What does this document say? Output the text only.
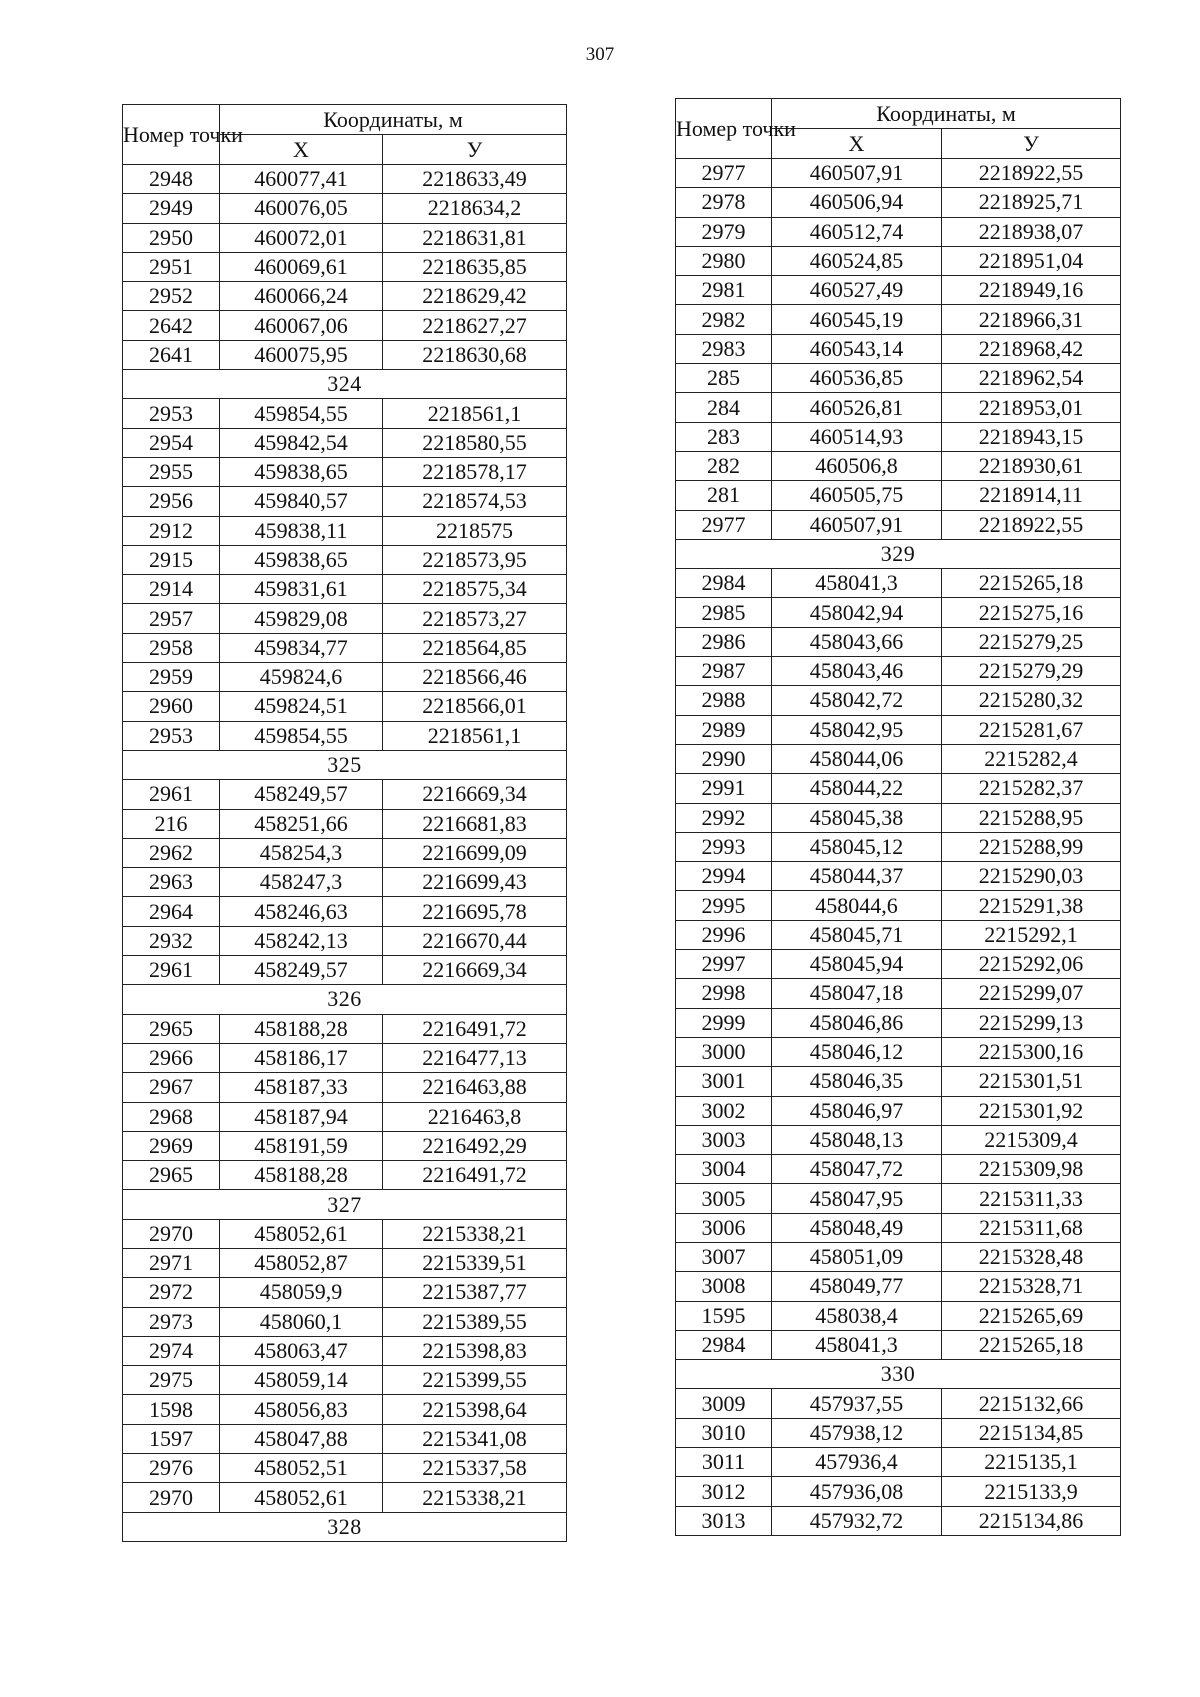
307
Номер точки	Координаты, м	
	Х	У
2948	460077,41	2218633,49
2949	460076,05	2218634,2
2950	460072,01	2218631,81
2951	460069,61	2218635,85
2952	460066,24	2218629,42
2642	460067,06	2218627,27
2641	460075,95	2218630,68
324		
2953	459854,55	2218561,1
2954	459842,54	2218580,55
2955	459838,65	2218578,17
2956	459840,57	2218574,53
2912	459838,11	2218575
2915	459838,65	2218573,95
2914	459831,61	2218575,34
2957	459829,08	2218573,27
2958	459834,77	2218564,85
2959	459824,6	2218566,46
2960	459824,51	2218566,01
2953	459854,55	2218561,1
325		
2961	458249,57	2216669,34
216	458251,66	2216681,83
2962	458254,3	2216699,09
2963	458247,3	2216699,43
2964	458246,63	2216695,78
2932	458242,13	2216670,44
2961	458249,57	2216669,34
326		
2965	458188,28	2216491,72
2966	458186,17	2216477,13
2967	458187,33	2216463,88
2968	458187,94	2216463,8
2969	458191,59	2216492,29
2965	458188,28	2216491,72
327		
2970	458052,61	2215338,21
2971	458052,87	2215339,51
2972	458059,9	2215387,77
2973	458060,1	2215389,55
2974	458063,47	2215398,83
2975	458059,14	2215399,55
1598	458056,83	2215398,64
1597	458047,88	2215341,08
2976	458052,51	2215337,58
2970	458052,61	2215338,21
328		
Номер точки	Координаты, м	
	Х	У
2977	460507,91	2218922,55
2978	460506,94	2218925,71
2979	460512,74	2218938,07
2980	460524,85	2218951,04
2981	460527,49	2218949,16
2982	460545,19	2218966,31
2983	460543,14	2218968,42
285	460536,85	2218962,54
284	460526,81	2218953,01
283	460514,93	2218943,15
282	460506,8	2218930,61
281	460505,75	2218914,11
2977	460507,91	2218922,55
329		
2984	458041,3	2215265,18
2985	458042,94	2215275,16
2986	458043,66	2215279,25
2987	458043,46	2215279,29
2988	458042,72	2215280,32
2989	458042,95	2215281,67
2990	458044,06	2215282,4
2991	458044,22	2215282,37
2992	458045,38	2215288,95
2993	458045,12	2215288,99
2994	458044,37	2215290,03
2995	458044,6	2215291,38
2996	458045,71	2215292,1
2997	458045,94	2215292,06
2998	458047,18	2215299,07
2999	458046,86	2215299,13
3000	458046,12	2215300,16
3001	458046,35	2215301,51
3002	458046,97	2215301,92
3003	458048,13	2215309,4
3004	458047,72	2215309,98
3005	458047,95	2215311,33
3006	458048,49	2215311,68
3007	458051,09	2215328,48
3008	458049,77	2215328,71
1595	458038,4	2215265,69
2984	458041,3	2215265,18
330		
3009	457937,55	2215132,66
3010	457938,12	2215134,85
3011	457936,4	2215135,1
3012	457936,08	2215133,9
3013	457932,72	2215134,86
